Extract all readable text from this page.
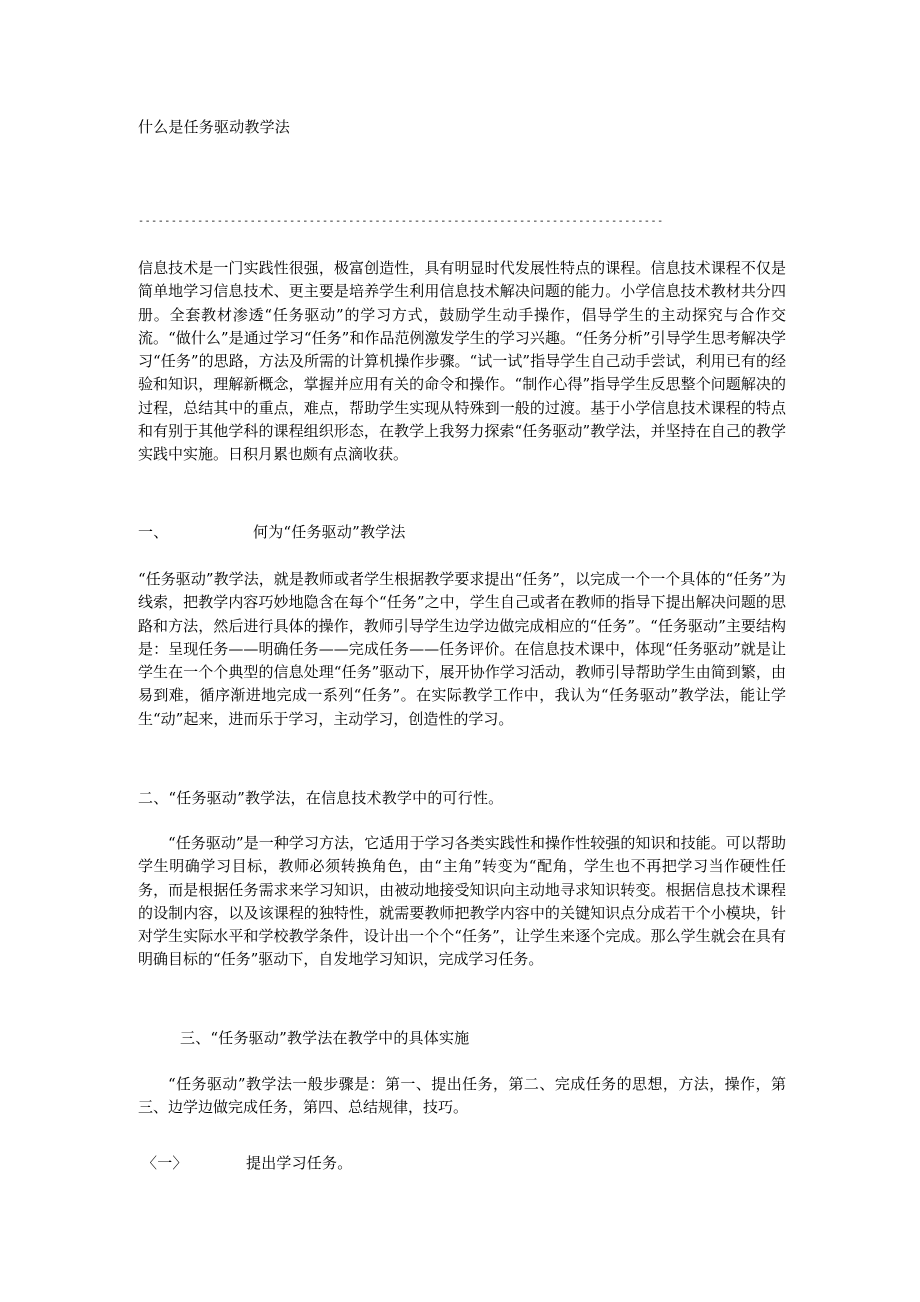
什么是任务驱动教学法
--------------------------------------------------------------------------------
信息技术是一门实践性很强，极富创造性，具有明显时代发展性特点的课程。信息技术课程不仅是简单地学习信息技术、更主要是培养学生利用信息技术解决问题的能力。小学信息技术教材共分四册。全套教材渗透“任务驱动”的学习方式，鼓励学生动手操作，倡导学生的主动探究与合作交流。“做什么”是通过学习“任务”和作品范例激发学生的学习兴趣。“任务分析”引导学生思考解决学习“任务”的思路，方法及所需的计算机操作步骤。“试一试”指导学生自己动手尝试，利用已有的经验和知识，理解新概念，掌握并应用有关的命令和操作。“制作心得”指导学生反思整个问题解决的过程，总结其中的重点，难点，帮助学生实现从特殊到一般的过渡。基于小学信息技术课程的特点和有别于其他学科的课程组织形态，在教学上我努力探索“任务驱动”教学法，并坚持在自己的教学实践中实施。日积月累也颇有点滴收获。
一、	何为“任务驱动”教学法
“任务驱动”教学法，就是教师或者学生根据教学要求提出“任务”，以完成一个一个具体的“任务”为线索，把教学内容巧妙地隐含在每个“任务”之中，学生自己或者在教师的指导下提出解决问题的思路和方法，然后进行具体的操作，教师引导学生边学边做完成相应的“任务”。“任务驱动”主要结构是：呈现任务——明确任务——完成任务——任务评价。在信息技术课中，体现“任务驱动”就是让学生在一个个典型的信息处理“任务”驱动下，展开协作学习活动，教师引导帮助学生由简到繁，由易到难，循序渐进地完成一系列“任务”。在实际教学工作中，我认为“任务驱动”教学法，能让学生“动”起来，进而乐于学习，主动学习，创造性的学习。
二、“任务驱动”教学法，在信息技术教学中的可行性。
“任务驱动”是一种学习方法，它适用于学习各类实践性和操作性较强的知识和技能。可以帮助学生明确学习目标，教师必须转换角色，由“主角”转变为“配角，学生也不再把学习当作硬性任务，而是根据任务需求来学习知识，由被动地接受知识向主动地寻求知识转变。根据信息技术课程的设制内容，以及该课程的独特性，就需要教师把教学内容中的关键知识点分成若干个小模块，针对学生实际水平和学校教学条件，设计出一个个“任务”，让学生来逐个完成。那么学生就会在具有明确目标的“任务”驱动下，自发地学习知识，完成学习任务。
三、“任务驱动”教学法在教学中的具体实施
“任务驱动”教学法一般步骤是：第一、提出任务，第二、完成任务的思想，方法，操作，第三、边学边做完成任务，第四、总结规律，技巧。
〈一〉	提出学习任务。
